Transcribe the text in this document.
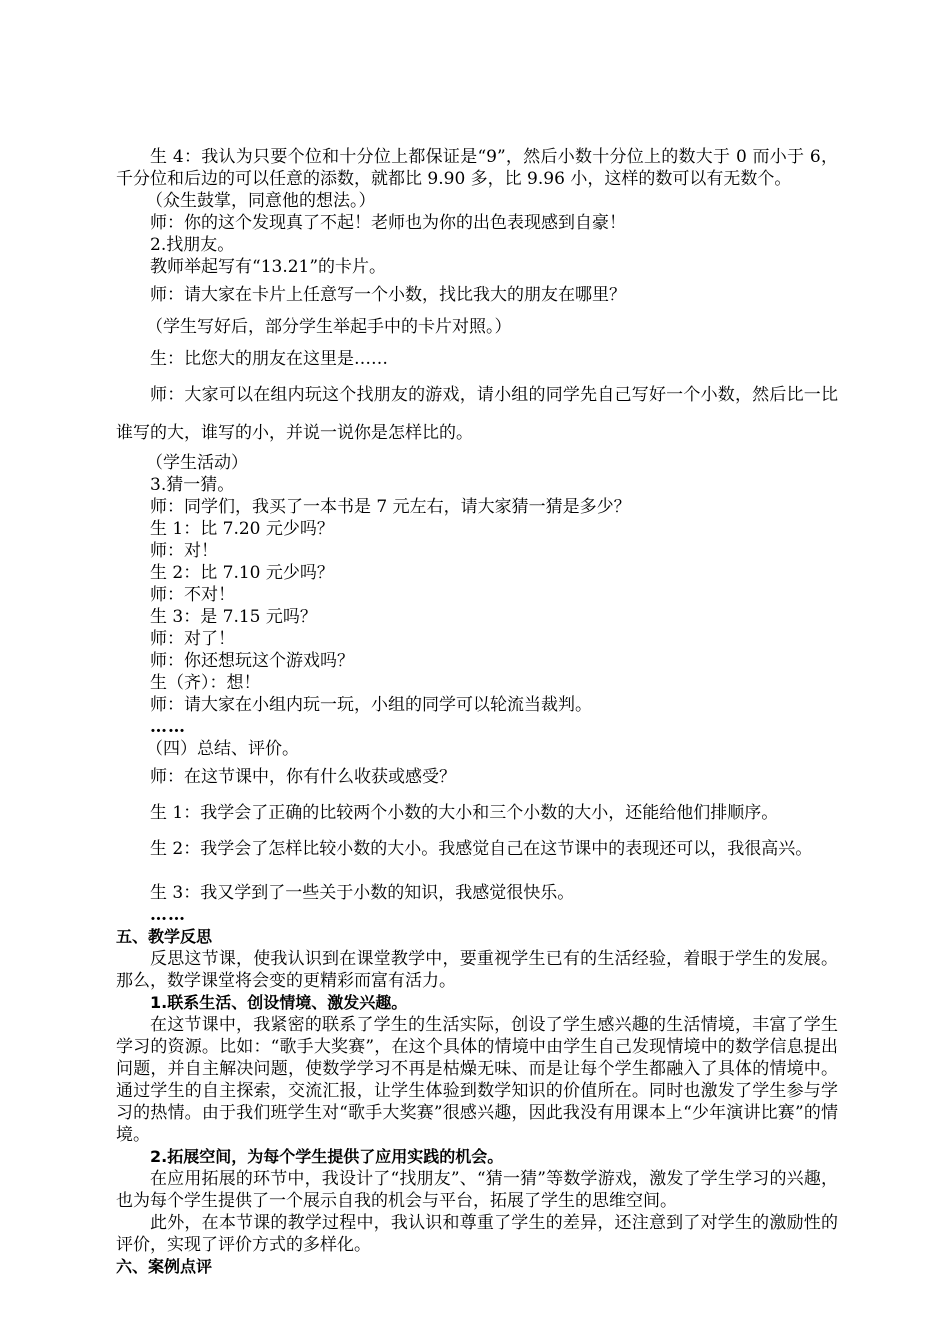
生 4：我认为只要个位和十分位上都保证是“9”，然后小数十分位上的数大于 0 而小于 6，千分位和后边的可以任意的添数，就都比 9.90 多，比 9.96 小，这样的数可以有无数个。

（众生鼓掌，同意他的想法。）

师：你的这个发现真了不起！老师也为你的出色表现感到自豪！

2.找朋友。

教师举起写有“13.21”的卡片。

师：请大家在卡片上任意写一个小数，找比我大的朋友在哪里？

（学生写好后，部分学生举起手中的卡片对照。）

生：比您大的朋友在这里是……

师：大家可以在组内玩这个找朋友的游戏，请小组的同学先自己写好一个小数，然后比一比谁写的大，谁写的小，并说一说你是怎样比的。

（学生活动）

3.猜一猜。

师：同学们，我买了一本书是 7 元左右，请大家猜一猜是多少？

生 1：比 7.20 元少吗？

师：对！

生 2：比 7.10 元少吗？

师：不对！

生 3：是 7.15 元吗？

师：对了！

师：你还想玩这个游戏吗？

生（齐）：想！

师：请大家在小组内玩一玩，小组的同学可以轮流当裁判。

……

（四）总结、评价。

师：在这节课中，你有什么收获或感受？

生 1：我学会了正确的比较两个小数的大小和三个小数的大小，还能给他们排顺序。

生 2：我学会了怎样比较小数的大小。我感觉自己在这节课中的表现还可以，我很高兴。

生 3：我又学到了一些关于小数的知识，我感觉很快乐。

……

五、教学反思

反思这节课，使我认识到在课堂教学中，要重视学生已有的生活经验，着眼于学生的发展。那么，数学课堂将会变的更精彩而富有活力。

1.联系生活、创设情境、激发兴趣。

在这节课中，我紧密的联系了学生的生活实际，创设了学生感兴趣的生活情境，丰富了学生学习的资源。比如：“歌手大奖赛”，在这个具体的情境中由学生自己发现情境中的数学信息提出问题，并自主解决问题，使数学学习不再是枯燥无味、而是让每个学生都融入了具体的情境中。通过学生的自主探索，交流汇报，让学生体验到数学知识的价值所在。同时也激发了学生参与学习的热情。由于我们班学生对“歌手大奖赛”很感兴趣，因此我没有用课本上“少年演讲比赛”的情境。

2.拓展空间，为每个学生提供了应用实践的机会。

在应用拓展的环节中，我设计了“找朋友”、“猜一猜”等数学游戏，激发了学生学习的兴趣，也为每个学生提供了一个展示自我的机会与平台，拓展了学生的思维空间。

此外，在本节课的教学过程中，我认识和尊重了学生的差异，还注意到了对学生的激励性的评价，实现了评价方式的多样化。

六、案例点评
